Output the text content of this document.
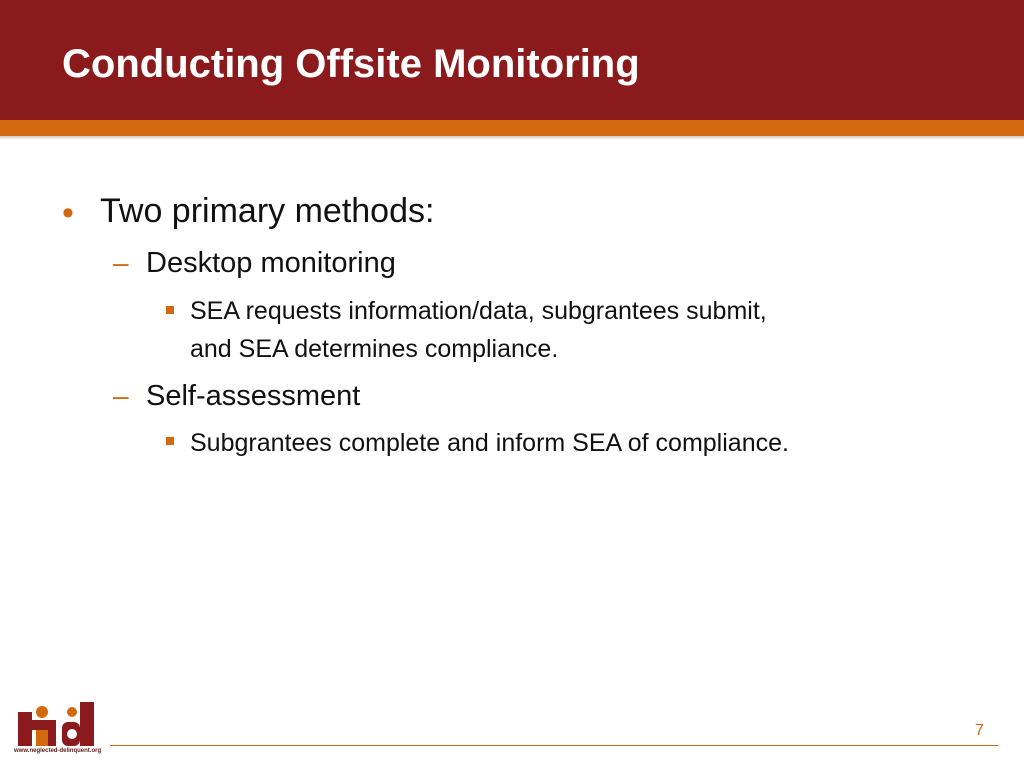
Conducting Offsite Monitoring
• Two primary methods:
– Desktop monitoring
SEA requests information/data, subgrantees submit,
and SEA determines compliance.
– Self-assessment
Subgrantees complete and inform SEA of compliance.
www.neglected-delinquent.org
7
